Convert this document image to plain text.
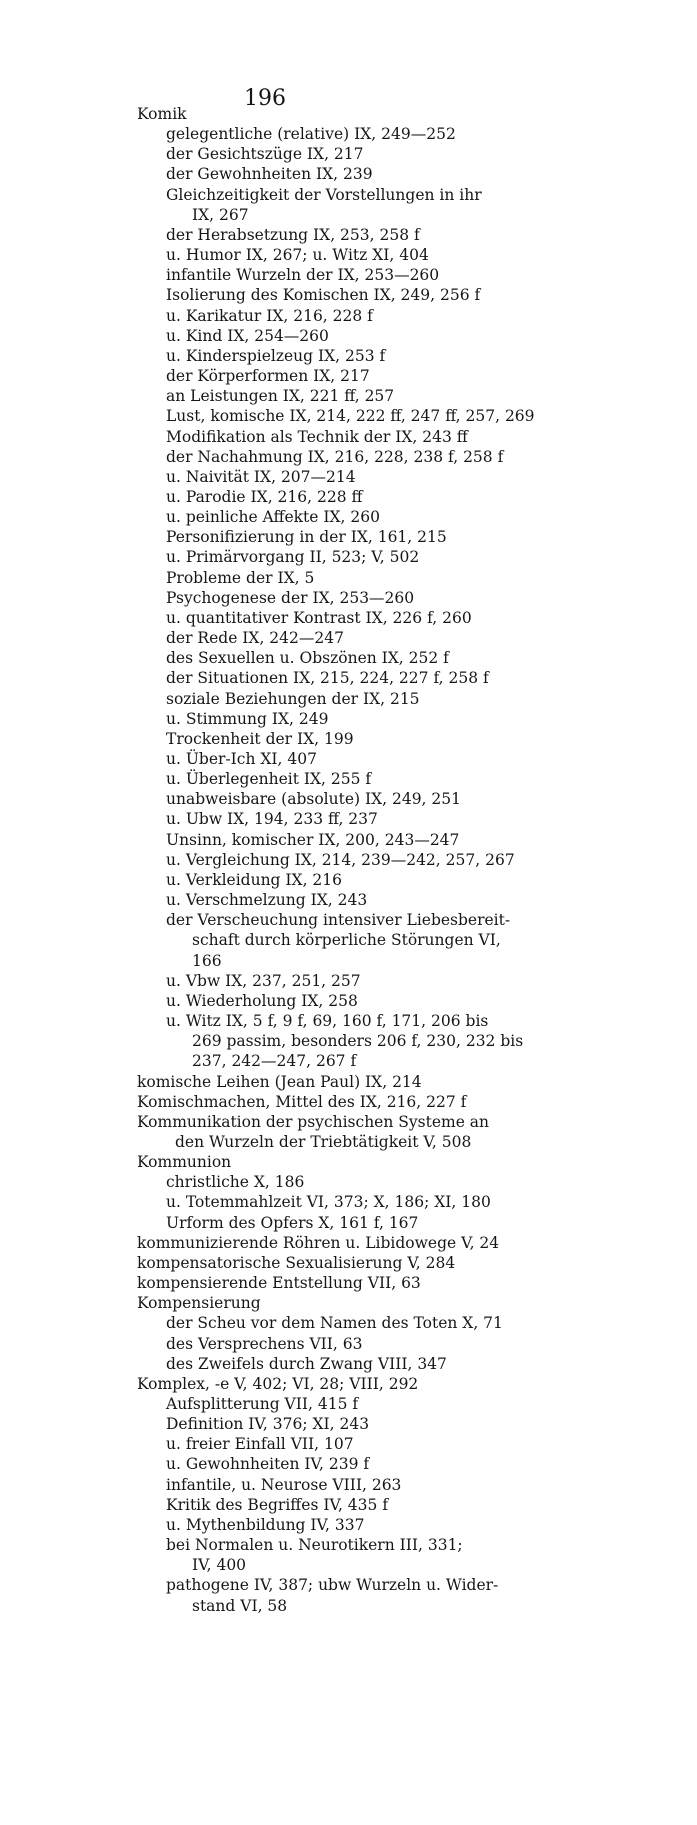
196
Komik
gelegentliche (relative) IX, 249—252
der Gesichtszüge IX, 217
der Gewohnheiten IX, 239
Gleichzeitigkeit der Vorstellungen in ihr
IX, 267
der Herabsetzung IX, 253, 258 f
u. Humor IX, 267; u. Witz XI, 404
infantile Wurzeln der IX, 253—260
Isolierung des Komischen IX, 249, 256 f
u. Karikatur IX, 216, 228 f
u. Kind IX, 254—260
u. Kinderspielzeug IX, 253 f
der Körperformen IX, 217
an Leistungen IX, 221 ff, 257
Lust, komische IX, 214, 222 ff, 247 ff, 257, 269
Modifikation als Technik der IX, 243 ff
der Nachahmung IX, 216, 228, 238 f, 258 f
u. Naivität IX, 207—214
u. Parodie IX, 216, 228 ff
u. peinliche Affekte IX, 260
Personifizierung in der IX, 161, 215
u. Primärvorgang II, 523; V, 502
Probleme der IX, 5
Psychogenese der IX, 253—260
u. quantitativer Kontrast IX, 226 f, 260
der Rede IX, 242—247
des Sexuellen u. Obszönen IX, 252 f
der Situationen IX, 215, 224, 227 f, 258 f
soziale Beziehungen der IX, 215
u. Stimmung IX, 249
Trockenheit der IX, 199
u. Über-Ich XI, 407
u. Überlegenheit IX, 255 f
unabweisbare (absolute) IX, 249, 251
u. Ubw IX, 194, 233 ff, 237
Unsinn, komischer IX, 200, 243—247
u. Vergleichung IX, 214, 239—242, 257, 267
u. Verkleidung IX, 216
u. Verschmelzung IX, 243
der Verscheuchung intensiver Liebesbereit-
schaft durch körperliche Störungen VI,
166
u. Vbw IX, 237, 251, 257
u. Wiederholung IX, 258
u. Witz IX, 5 f, 9 f, 69, 160 f, 171, 206 bis
269 passim, besonders 206 f, 230, 232 bis
237, 242—247, 267 f
komische Leihen (Jean Paul) IX, 214
Komischmachen, Mittel des IX, 216, 227 f
Kommunikation der psychischen Systeme an
den Wurzeln der Triebtätigkeit V, 508
Kommunion
christliche X, 186
u. Totemmahlzeit VI, 373; X, 186; XI, 180
Urform des Opfers X, 161 f, 167
kommunizierende Röhren u. Libidowege V, 24
kompensatorische Sexualisierung V, 284
kompensierende Entstellung VII, 63
Kompensierung
der Scheu vor dem Namen des Toten X, 71
des Versprechens VII, 63
des Zweifels durch Zwang VIII, 347
Komplex, -e V, 402; VI, 28; VIII, 292
Aufsplitterung VII, 415 f
Definition IV, 376; XI, 243
u. freier Einfall VII, 107
u. Gewohnheiten IV, 239 f
infantile, u. Neurose VIII, 263
Kritik des Begriffes IV, 435 f
u. Mythenbildung IV, 337
bei Normalen u. Neurotikern III, 331;
IV, 400
pathogene IV, 387; ubw Wurzeln u. Wider-
stand VI, 58
